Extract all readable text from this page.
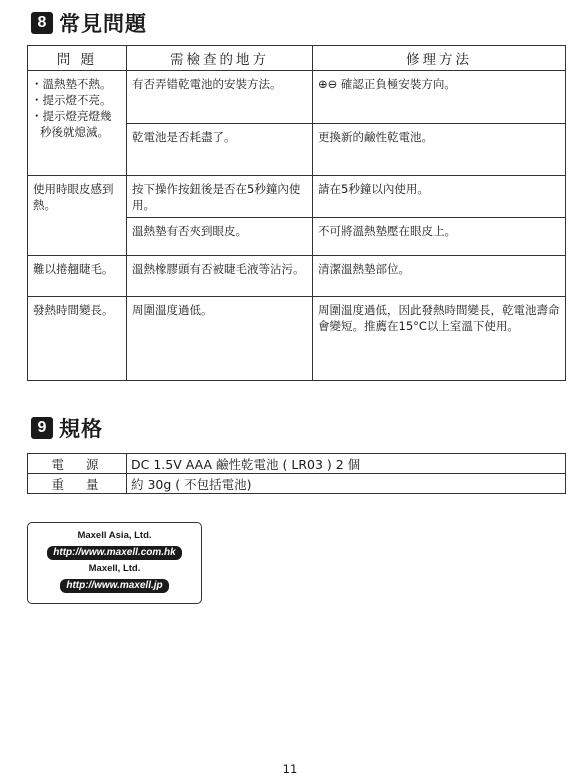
8 常見問題
問 題	需檢查的地方	修理方法

・溫熱墊不熱。
・提示燈不亮。
・提示燈亮燈幾秒後就熄滅。	有否弄错乾電池的安裝方法。	⊕⊖ 確認正負極安裝方向。
	乾電池是否耗盡了。	更換新的鹼性乾電池。
使用時眼皮感到熱。	按下操作按鈕後是否在5秒鐘內使用。	請在5秒鐘以內使用。
	溫熱墊有否夾到眼皮。	不可將溫熱墊壓在眼皮上。
難以捲翹睫毛。	溫熱橡膠頭有否被睫毛液等沾污。	清潔溫熱墊部位。
發熱時間變長。	周圍溫度過低。	周圍溫度過低，因此發熱時間變長，乾電池壽命會變短。推薦在15°C以上室溫下使用。
9 規格
電源	DC 1.5V AAA 鹼性乾電池 ( LR03 ) 2 個
重量	約 30g ( 不包括電池)
Maxell Asia, Ltd.
http://www.maxell.com.hk
Maxell, Ltd.
http://www.maxell.jp
11
